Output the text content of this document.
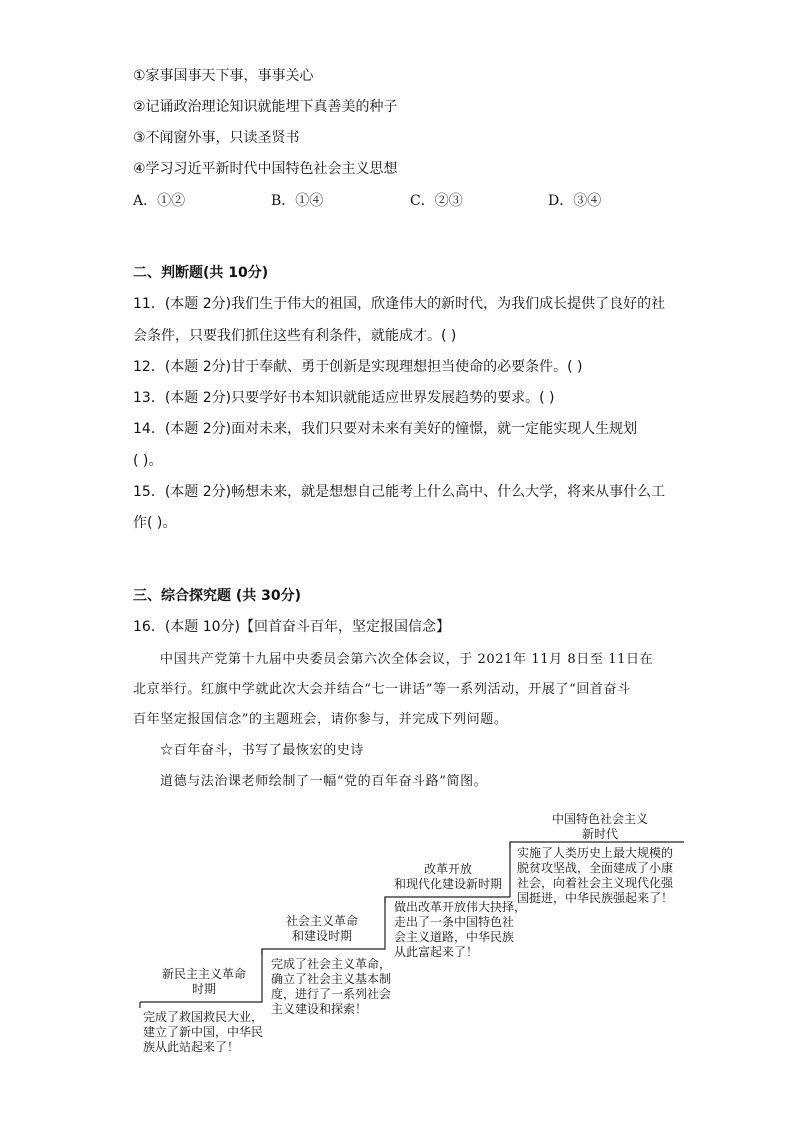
①家事国事天下事，事事关心
②记诵政治理论知识就能埋下真善美的种子
③不闻窗外事，只读圣贤书
④学习习近平新时代中国特色社会主义思想
A．①②	B．①④	C．②③	D．③④
二、判断题(共 10分)
11．(本题 2分)我们生于伟大的祖国，欣逢伟大的新时代，为我们成长提供了良好的社
会条件，只要我们抓住这些有利条件，就能成才。( )
12．(本题 2分)甘于奉献、勇于创新是实现理想担当使命的必要条件。( )
13．(本题 2分)只要学好书本知识就能适应世界发展趋势的要求。( )
14．(本题 2分)面对未来，我们只要对未来有美好的憧憬，就一定能实现人生规划
( )。
15．(本题 2分)畅想未来，就是想想自己能考上什么高中、什么大学，将来从事什么工
作( )。
三、综合探究题 (共 30分)
16．(本题 10分)【回首奋斗百年，坚定报国信念】
中国共产党第十九届中央委员会第六次全体会议，于 2021年 11月 8日至 11日在
北京举行。红旗中学就此次大会并结合“七一讲话”等一系列活动，开展了“回首奋斗
百年坚定报国信念”的主题班会，请你参与，并完成下列问题。
☆百年奋斗，书写了最恢宏的史诗
道德与法治课老师绘制了一幅“党的百年奋斗路”简图。
新民主主义革命
时期
完成了救国救民大业，
建立了新中国，中华民
族从此站起来了！
社会主义革命
和建设时期
完成了社会主义革命，
确立了社会主义基本制
度，进行了一系列社会
主义建设和探索！
改革开放
和现代化建设新时期
做出改革开放伟大抉择，
走出了一条中国特色社
会主义道路，中华民族
从此富起来了！
中国特色社会主义
新时代
实施了人类历史上最大规模的
脱贫攻坚战，全面建成了小康
社会，向着社会主义现代化强
国挺进，中华民族强起来了！
